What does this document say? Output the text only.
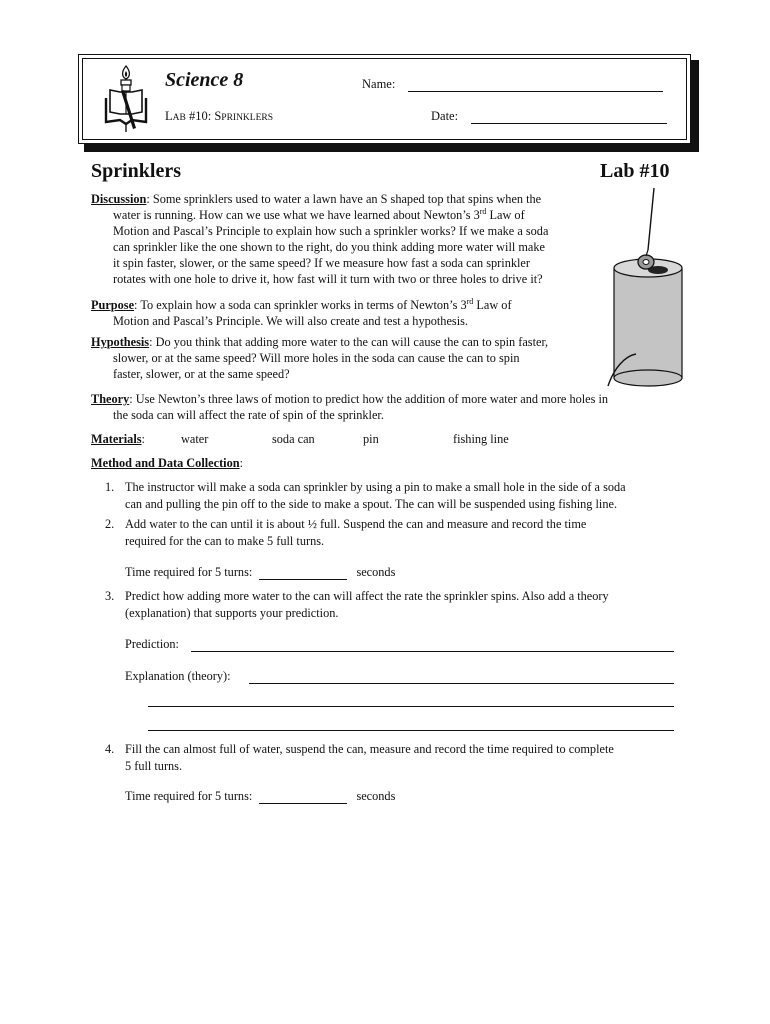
Science 8
LAB #10: SPRINKLERS
Name:
Date:
Sprinklers	Lab #10
Discussion: Some sprinklers used to water a lawn have an S shaped top that spins when the
water is running. How can we use what we have learned about Newton’s 3rd Law of
Motion and Pascal’s Principle to explain how such a sprinkler works? If we make a soda
can sprinkler like the one shown to the right, do you think adding more water will make
it spin faster, slower, or the same speed? If we measure how fast a soda can sprinkler
rotates with one hole to drive it, how fast will it turn with two or three holes to drive it?
Purpose: To explain how a soda can sprinkler works in terms of Newton’s 3rd Law of
Motion and Pascal’s Principle. We will also create and test a hypothesis.
Hypothesis: Do you think that adding more water to the can will cause the can to spin faster,
slower, or at the same speed? Will more holes in the soda can cause the can to spin
faster, slower, or at the same speed?
Theory: Use Newton’s three laws of motion to predict how the addition of more water and more holes in
the soda can will affect the rate of spin of the sprinkler.
Materials:	water	soda can	pin	fishing line
Method and Data Collection:
1. The instructor will make a soda can sprinkler by using a pin to make a small hole in the side of a soda
can and pulling the pin off to the side to make a spout. The can will be suspended using fishing line.
2. Add water to the can until it is about ½ full. Suspend the can and measure and record the time
required for the can to make 5 full turns.
Time required for 5 turns:	seconds
3. Predict how adding more water to the can will affect the rate the sprinkler spins. Also add a theory
(explanation) that supports your prediction.
Prediction:
Explanation (theory):
4. Fill the can almost full of water, suspend the can, measure and record the time required to complete
5 full turns.
Time required for 5 turns:	seconds
